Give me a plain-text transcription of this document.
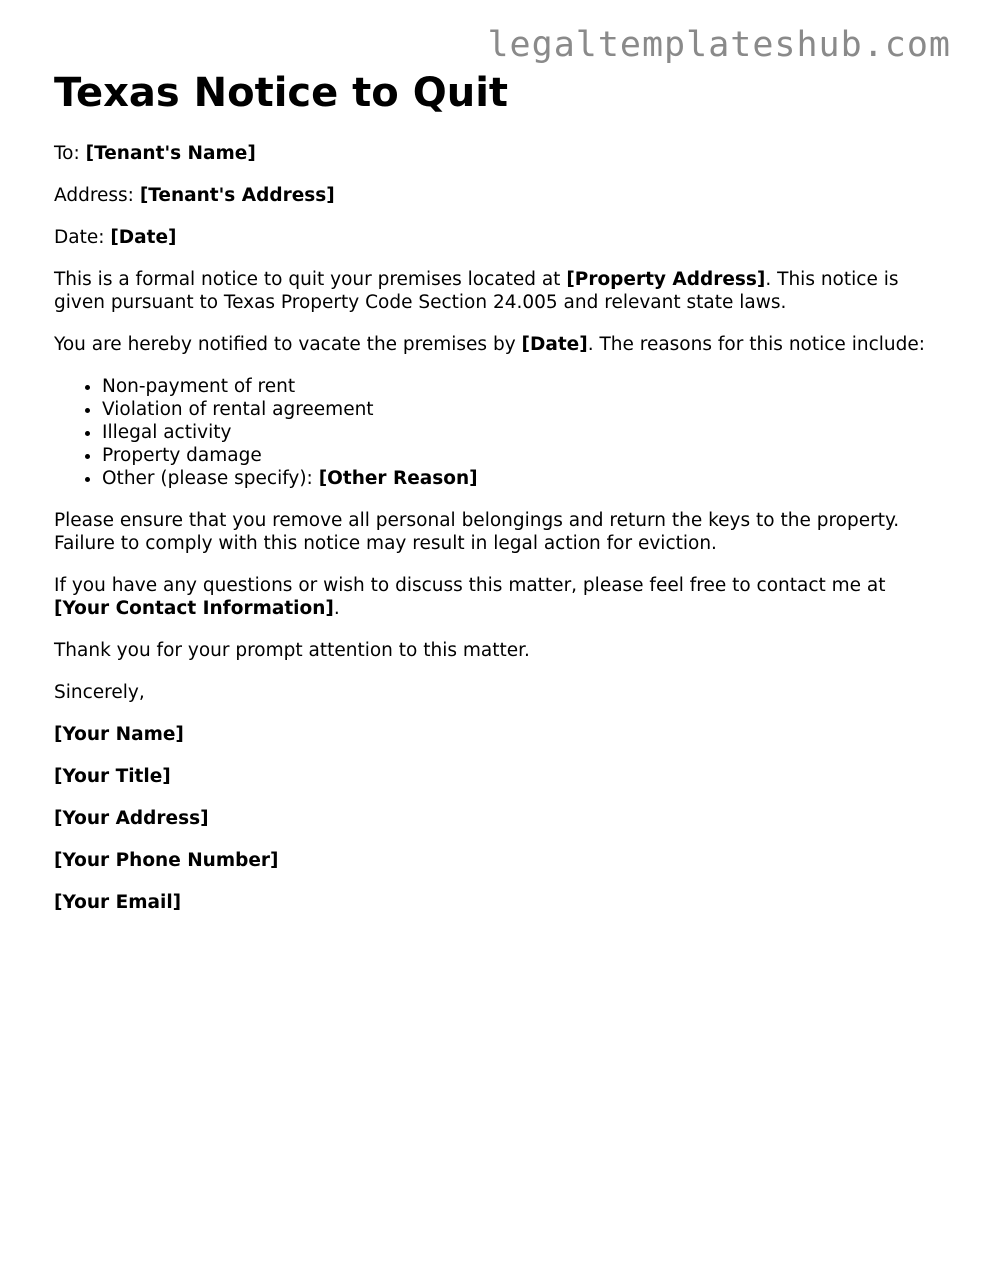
legaltemplateshub.com
Texas Notice to Quit

To: [Tenant's Name]

Address: [Tenant's Address]

Date: [Date]

This is a formal notice to quit your premises located at [Property Address]. This notice is given pursuant to Texas Property Code Section 24.005 and relevant state laws.

You are hereby notified to vacate the premises by [Date]. The reasons for this notice include:

• Non-payment of rent
• Violation of rental agreement
• Illegal activity
• Property damage
• Other (please specify): [Other Reason]

Please ensure that you remove all personal belongings and return the keys to the property. Failure to comply with this notice may result in legal action for eviction.

If you have any questions or wish to discuss this matter, please feel free to contact me at
[Your Contact Information].

Thank you for your prompt attention to this matter.

Sincerely,

[Your Name]

[Your Title]

[Your Address]

[Your Phone Number]

[Your Email]
